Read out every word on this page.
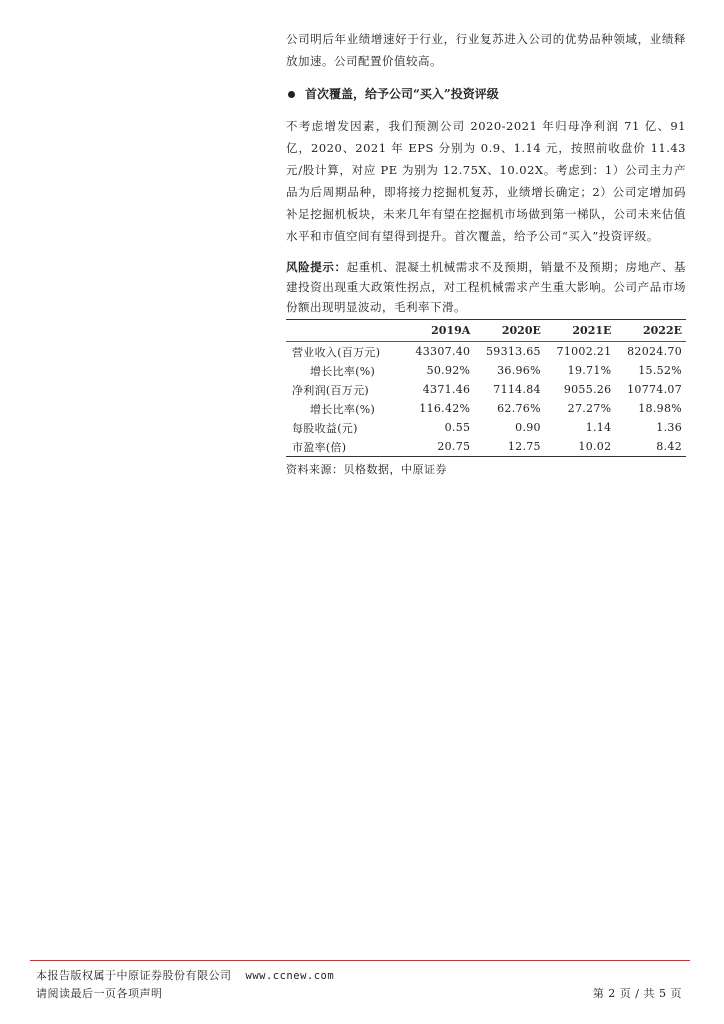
公司明后年业绩增速好于行业，行业复苏进入公司的优势品种领域，业绩释放加速。公司配置价值较高。

首次覆盖，给予公司“买入”投资评级

不考虑增发因素，我们预测公司 2020-2021 年归母净利润 71 亿、91 亿，2020、2021 年 EPS 分别为 0.9、1.14 元，按照前收盘价 11.43 元/股计算，对应 PE 为别为 12.75X、10.02X。考虑到：1）公司主力产品为后周期品种，即将接力挖掘机复苏，业绩增长确定；2）公司定增加码补足挖掘机板块，未来几年有望在挖掘机市场做到第一梯队，公司未来估值水平和市值空间有望得到提升。首次覆盖，给予公司“买入”投资评级。

风险提示：起重机、混凝土机械需求不及预期，销量不及预期；房地产、基建投资出现重大政策性拐点，对工程机械需求产生重大影响。公司产品市场份额出现明显波动，毛利率下滑。

	2019A	2020E	2021E	2022E
营业收入(百万元)	43307.40	59313.65	71002.21	82024.70
增长比率(%)	50.92%	36.96%	19.71%	15.52%
净利润(百万元)	4371.46	7114.84	9055.26	10774.07
增长比率(%)	116.42%	62.76%	27.27%	18.98%
每股收益(元)	0.55	0.90	1.14	1.36
市盈率(倍)	20.75	12.75	10.02	8.42
资料来源：贝格数据，中原证券
本报告版权属于中原证券股份有限公司 www.ccnew.com
请阅读最后一页各项声明	第 2 页 / 共 5 页
